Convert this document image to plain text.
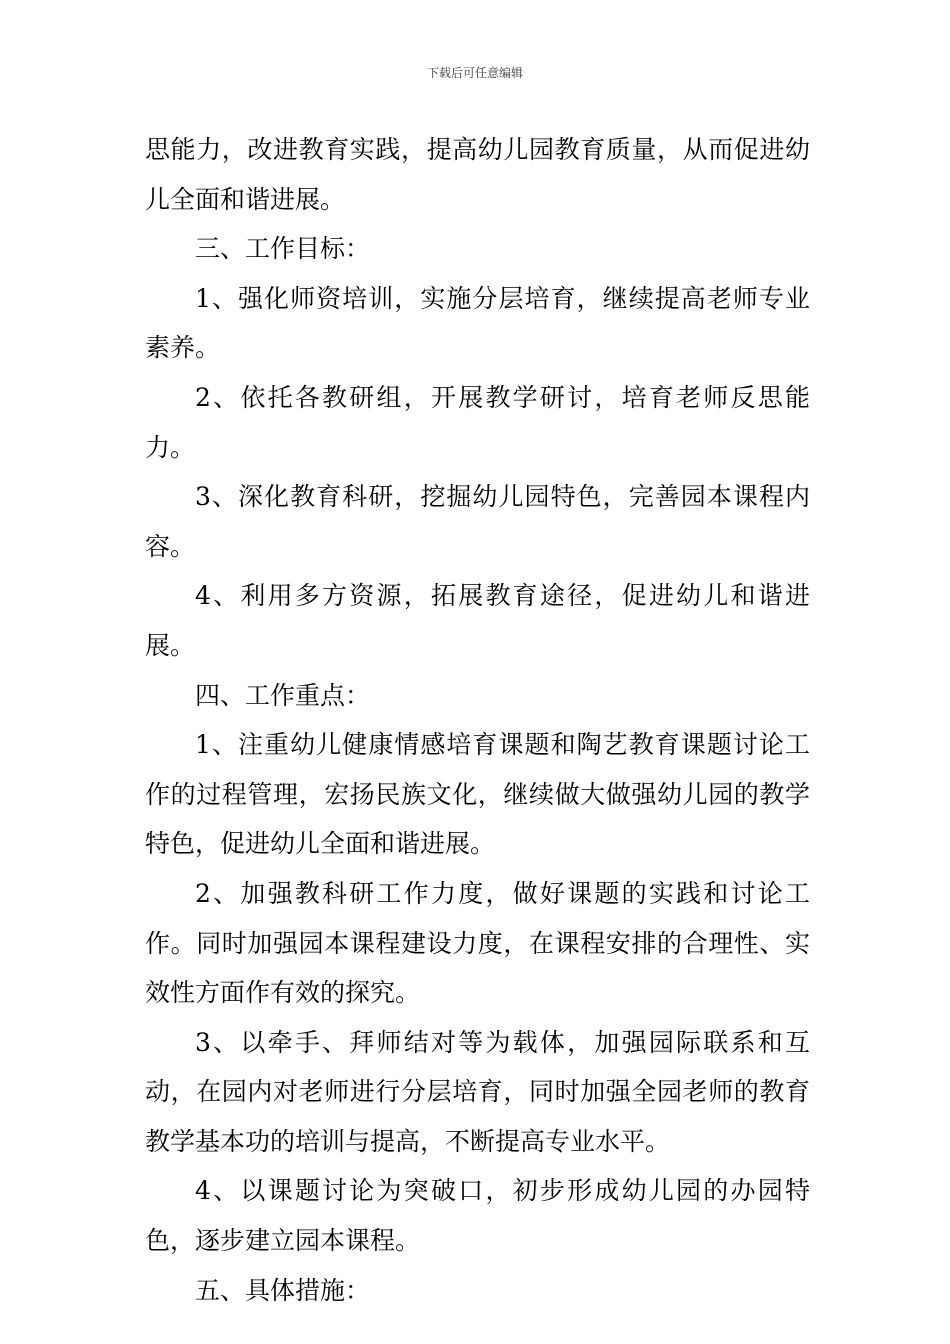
下载后可任意编辑

思能力，改进教育实践，提高幼儿园教育质量，从而促进幼儿全面和谐进展。

三、工作目标：

1、强化师资培训，实施分层培育，继续提高老师专业素养。

2、依托各教研组，开展教学研讨，培育老师反思能力。

3、深化教育科研，挖掘幼儿园特色，完善园本课程内容。

4、利用多方资源，拓展教育途径，促进幼儿和谐进展。

四、工作重点：

1、注重幼儿健康情感培育课题和陶艺教育课题讨论工作的过程管理，宏扬民族文化，继续做大做强幼儿园的教学特色，促进幼儿全面和谐进展。

2、加强教科研工作力度，做好课题的实践和讨论工作。同时加强园本课程建设力度，在课程安排的合理性、实效性方面作有效的探究。

3、以牵手、拜师结对等为载体，加强园际联系和互动，在园内对老师进行分层培育，同时加强全园老师的教育教学基本功的培训与提高，不断提高专业水平。

4、以课题讨论为突破口，初步形成幼儿园的办园特色，逐步建立园本课程。

五、具体措施：
